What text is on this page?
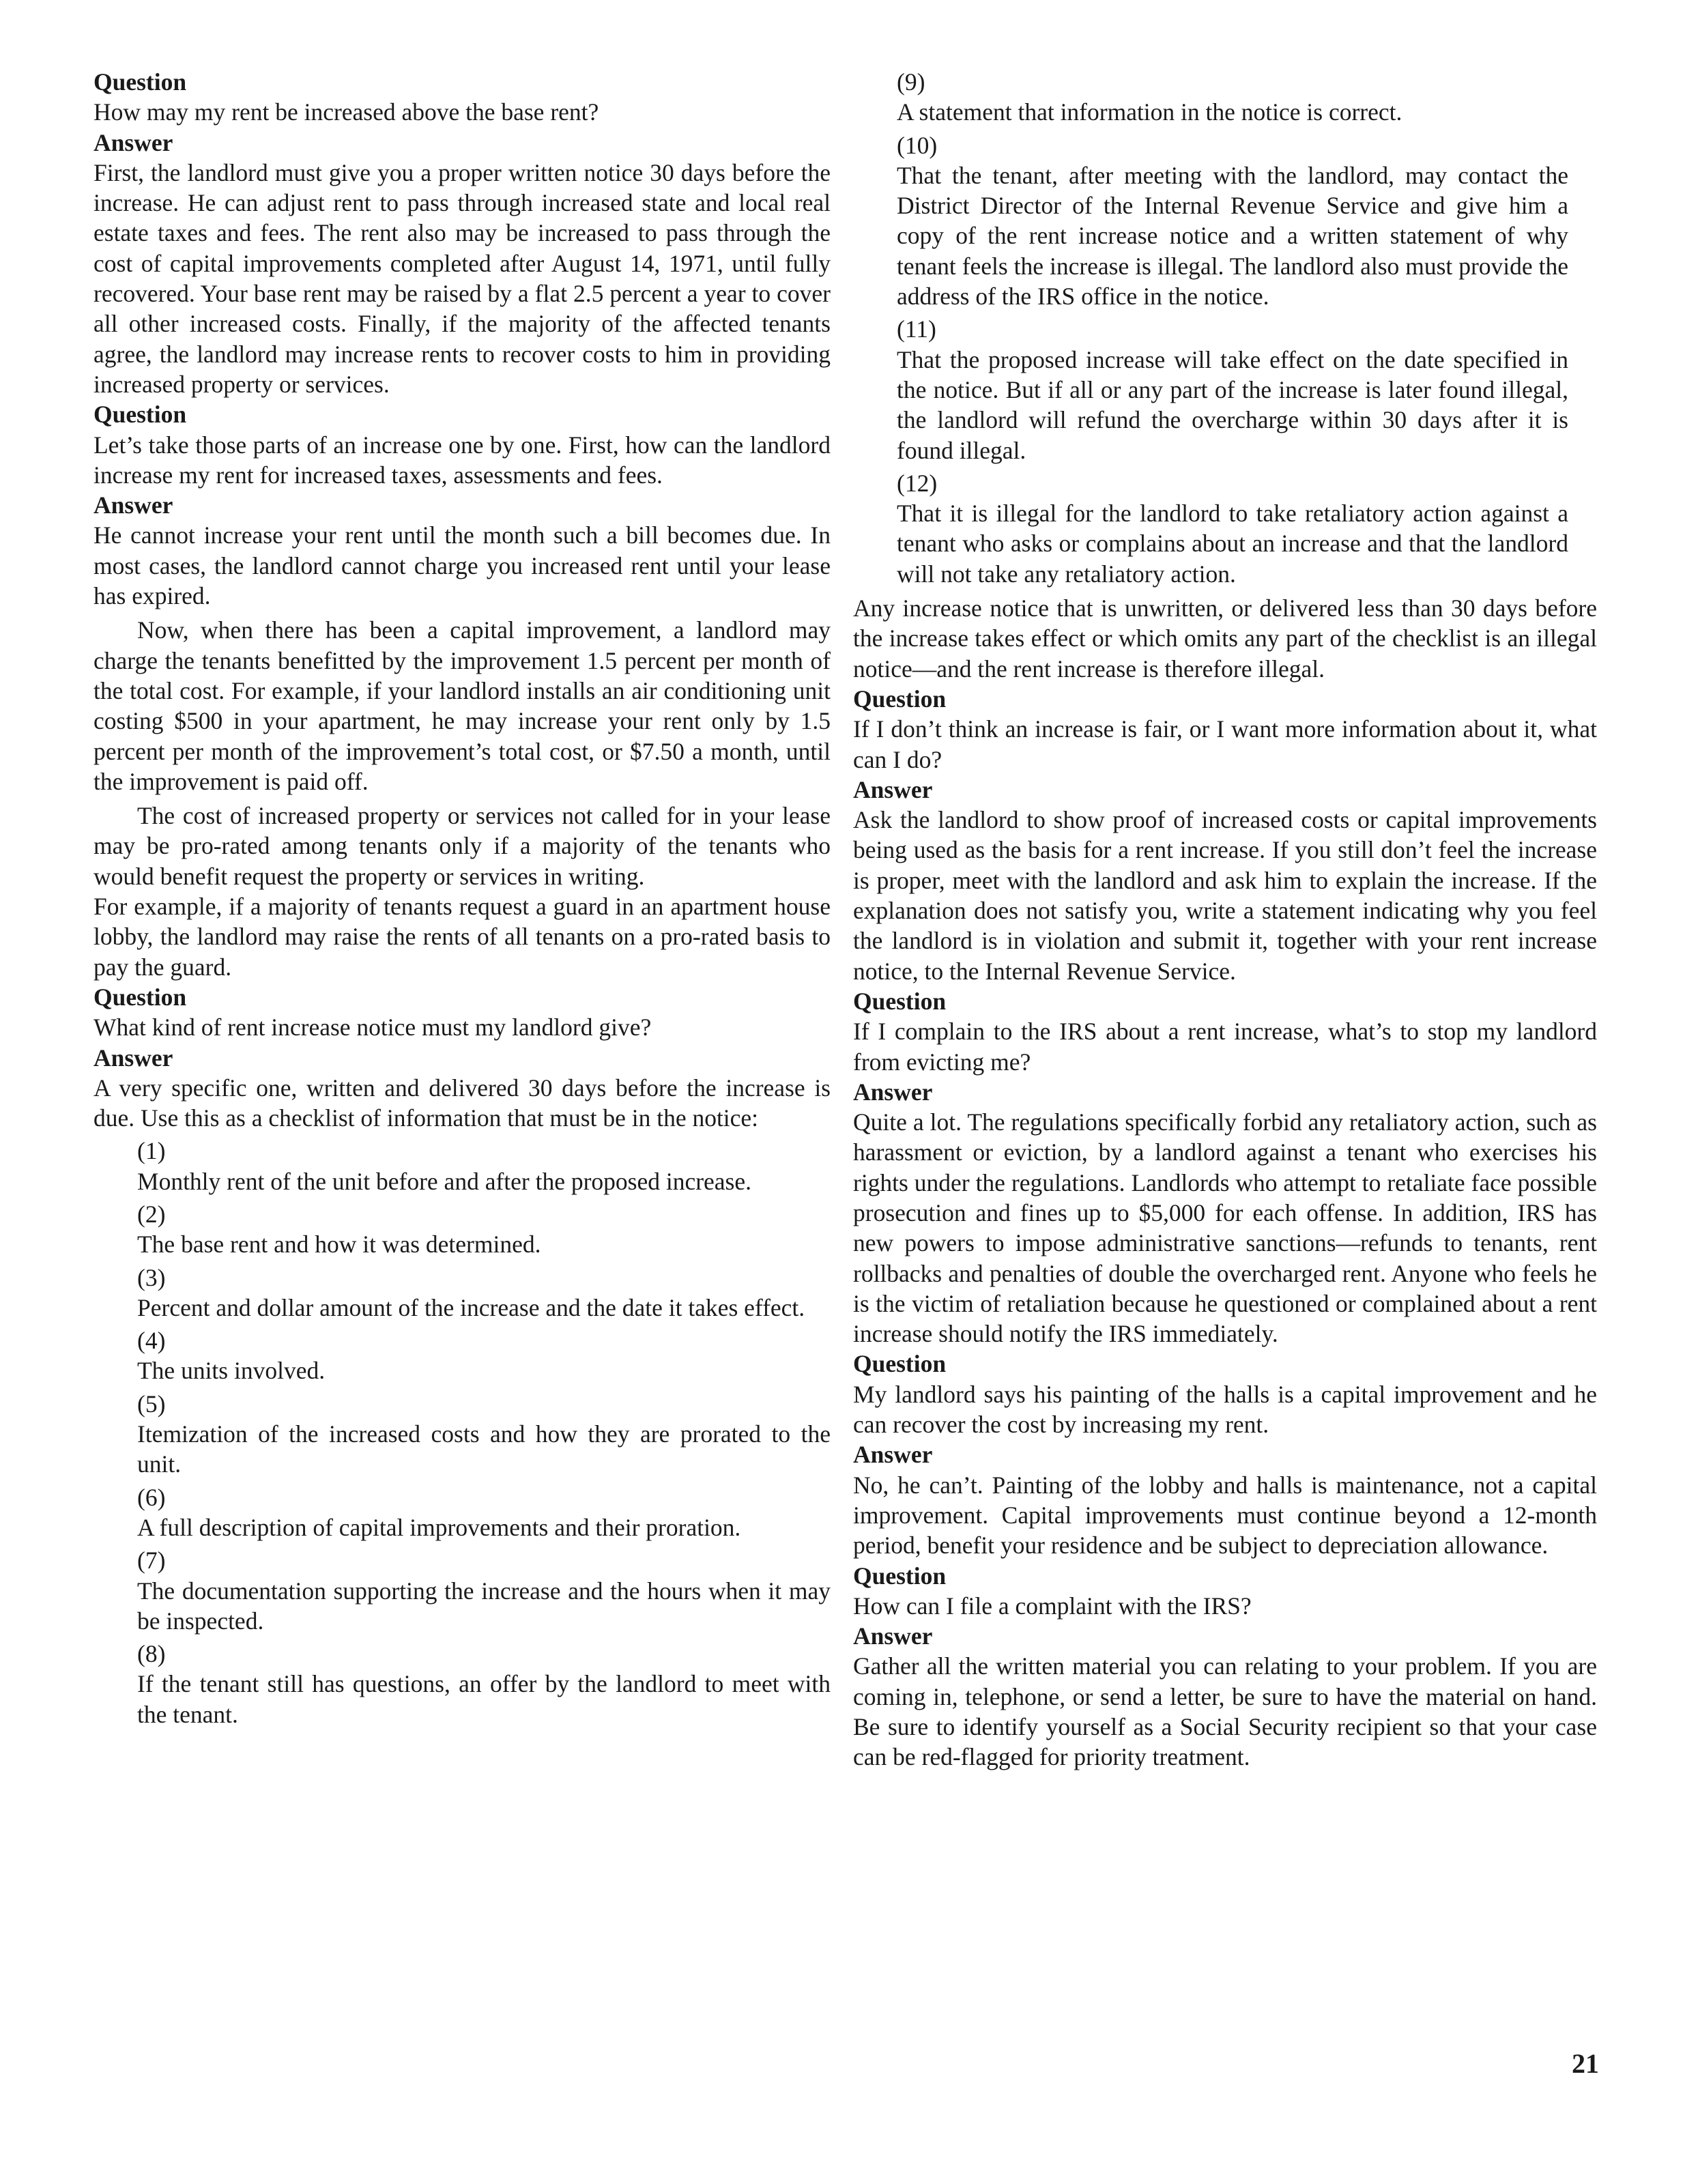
Question
How may my rent be increased above the base rent?
Answer
First, the landlord must give you a proper written notice 30 days before the increase. He can adjust rent to pass through increased state and local real estate taxes and fees. The rent also may be increased to pass through the cost of capital improvements completed after August 14, 1971, until fully recovered. Your base rent may be raised by a flat 2.5 percent a year to cover all other increased costs. Finally, if the majority of the affected tenants agree, the landlord may increase rents to recover costs to him in providing increased property or services.
Question
Let’s take those parts of an increase one by one. First, how can the landlord increase my rent for increased taxes, assessments and fees.
Answer
He cannot increase your rent until the month such a bill becomes due. In most cases, the landlord cannot charge you increased rent until your lease has expired.
Now, when there has been a capital improvement, a landlord may charge the tenants benefitted by the improvement 1.5 percent per month of the total cost. For example, if your landlord installs an air conditioning unit costing $500 in your apartment, he may increase your rent only by 1.5 percent per month of the improvement’s total cost, or $7.50 a month, until the improvement is paid off.
The cost of increased property or services not called for in your lease may be pro-rated among tenants only if a majority of the tenants who would benefit request the property or services in writing.
For example, if a majority of tenants request a guard in an apartment house lobby, the landlord may raise the rents of all tenants on a pro-rated basis to pay the guard.
Question
What kind of rent increase notice must my landlord give?
Answer
A very specific one, written and delivered 30 days before the increase is due. Use this as a checklist of information that must be in the notice:
(1)
Monthly rent of the unit before and after the proposed increase.
(2)
The base rent and how it was determined.
(3)
Percent and dollar amount of the increase and the date it takes effect.
(4)
The units involved.
(5)
Itemization of the increased costs and how they are prorated to the unit.
(6)
A full description of capital improvements and their proration.
(7)
The documentation supporting the increase and the hours when it may be inspected.
(8)
If the tenant still has questions, an offer by the landlord to meet with the tenant.
(9)
A statement that information in the notice is correct.
(10)
That the tenant, after meeting with the landlord, may contact the District Director of the Internal Revenue Service and give him a copy of the rent increase notice and a written statement of why tenant feels the increase is illegal. The landlord also must provide the address of the IRS office in the notice.
(11)
That the proposed increase will take effect on the date specified in the notice. But if all or any part of the increase is later found illegal, the landlord will refund the overcharge within 30 days after it is found illegal.
(12)
That it is illegal for the landlord to take retaliatory action against a tenant who asks or complains about an increase and that the landlord will not take any retaliatory action.
Any increase notice that is unwritten, or delivered less than 30 days before the increase takes effect or which omits any part of the checklist is an illegal notice—and the rent increase is therefore illegal.
Question
If I don’t think an increase is fair, or I want more information about it, what can I do?
Answer
Ask the landlord to show proof of increased costs or capital improvements being used as the basis for a rent increase. If you still don’t feel the increase is proper, meet with the landlord and ask him to explain the increase. If the explanation does not satisfy you, write a statement indicating why you feel the landlord is in violation and submit it, together with your rent increase notice, to the Internal Revenue Service.
Question
If I complain to the IRS about a rent increase, what’s to stop my landlord from evicting me?
Answer
Quite a lot. The regulations specifically forbid any retaliatory action, such as harassment or eviction, by a landlord against a tenant who exercises his rights under the regulations. Landlords who attempt to retaliate face possible prosecution and fines up to $5,000 for each offense. In addition, IRS has new powers to impose administrative sanctions—refunds to tenants, rent rollbacks and penalties of double the overcharged rent. Anyone who feels he is the victim of retaliation because he questioned or complained about a rent increase should notify the IRS immediately.
Question
My landlord says his painting of the halls is a capital improvement and he can recover the cost by increasing my rent.
Answer
No, he can’t. Painting of the lobby and halls is maintenance, not a capital improvement. Capital improvements must continue beyond a 12-month period, benefit your residence and be subject to depreciation allowance.
Question
How can I file a complaint with the IRS?
Answer
Gather all the written material you can relating to your problem. If you are coming in, telephone, or send a letter, be sure to have the material on hand. Be sure to identify yourself as a Social Security recipient so that your case can be red-flagged for priority treatment.
21
